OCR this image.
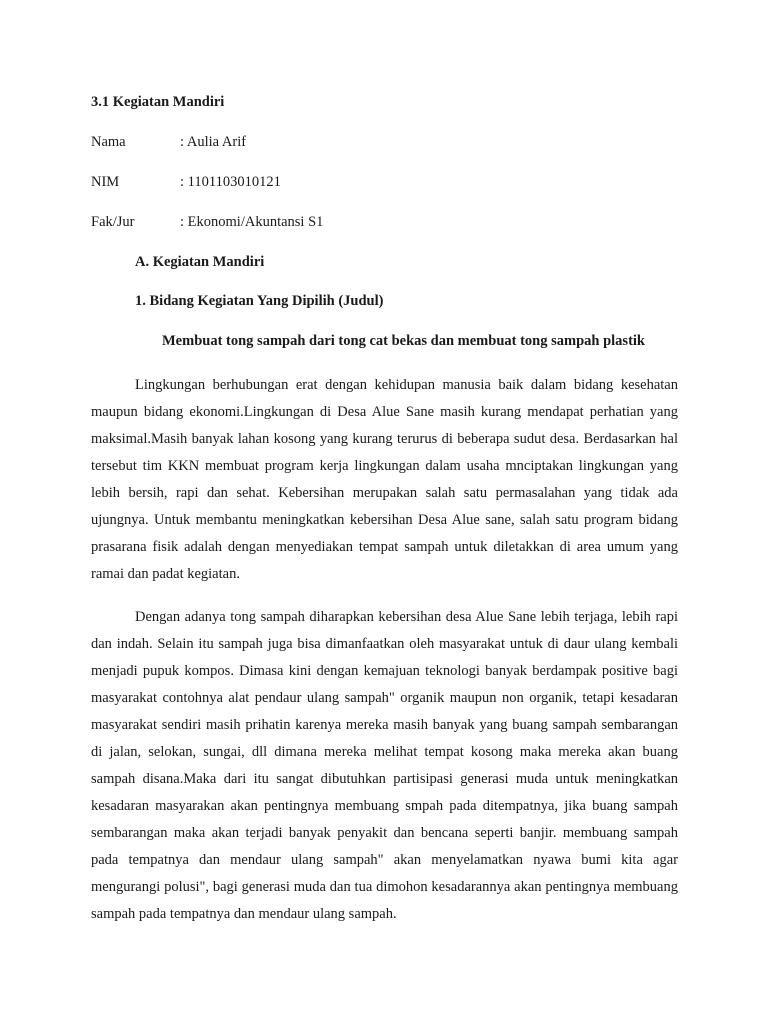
3.1 Kegiatan Mandiri
Nama	: Aulia Arif
NIM	: 1101103010121
Fak/Jur	: Ekonomi/Akuntansi S1
A. Kegiatan Mandiri
1. Bidang Kegiatan Yang Dipilih (Judul)
Membuat tong sampah dari tong cat bekas dan membuat tong sampah plastik

Lingkungan berhubungan erat dengan kehidupan manusia baik dalam bidang kesehatan maupun bidang ekonomi.Lingkungan di Desa Alue Sane masih kurang mendapat perhatian yang maksimal.Masih banyak lahan kosong yang kurang terurus di beberapa sudut desa. Berdasarkan hal tersebut tim KKN membuat program kerja lingkungan dalam usaha mnciptakan lingkungan yang lebih bersih, rapi dan sehat. Kebersihan merupakan salah satu permasalahan yang tidak ada ujungnya. Untuk membantu meningkatkan kebersihan Desa Alue sane, salah satu program bidang prasarana fisik adalah dengan menyediakan tempat sampah untuk diletakkan di area umum yang ramai dan padat kegiatan.

Dengan adanya tong sampah diharapkan kebersihan desa Alue Sane lebih terjaga, lebih rapi dan indah. Selain itu sampah juga bisa dimanfaatkan oleh masyarakat untuk di daur ulang kembali menjadi pupuk kompos. Dimasa kini dengan kemajuan teknologi banyak berdampak positive bagi masyarakat contohnya alat pendaur ulang sampah" organik maupun non organik, tetapi kesadaran masyarakat sendiri masih prihatin karenya mereka masih banyak yang buang sampah sembarangan di jalan, selokan, sungai, dll dimana mereka melihat tempat kosong maka mereka akan buang sampah disana.Maka dari itu sangat dibutuhkan partisipasi generasi muda untuk meningkatkan kesadaran masyarakan akan pentingnya membuang smpah pada ditempatnya, jika buang sampah sembarangan maka akan terjadi banyak penyakit dan bencana seperti banjir. membuang sampah pada tempatnya dan mendaur ulang sampah" akan menyelamatkan nyawa bumi kita agar mengurangi polusi", bagi generasi muda dan tua dimohon kesadarannya akan pentingnya membuang sampah pada tempatnya dan mendaur ulang sampah.
